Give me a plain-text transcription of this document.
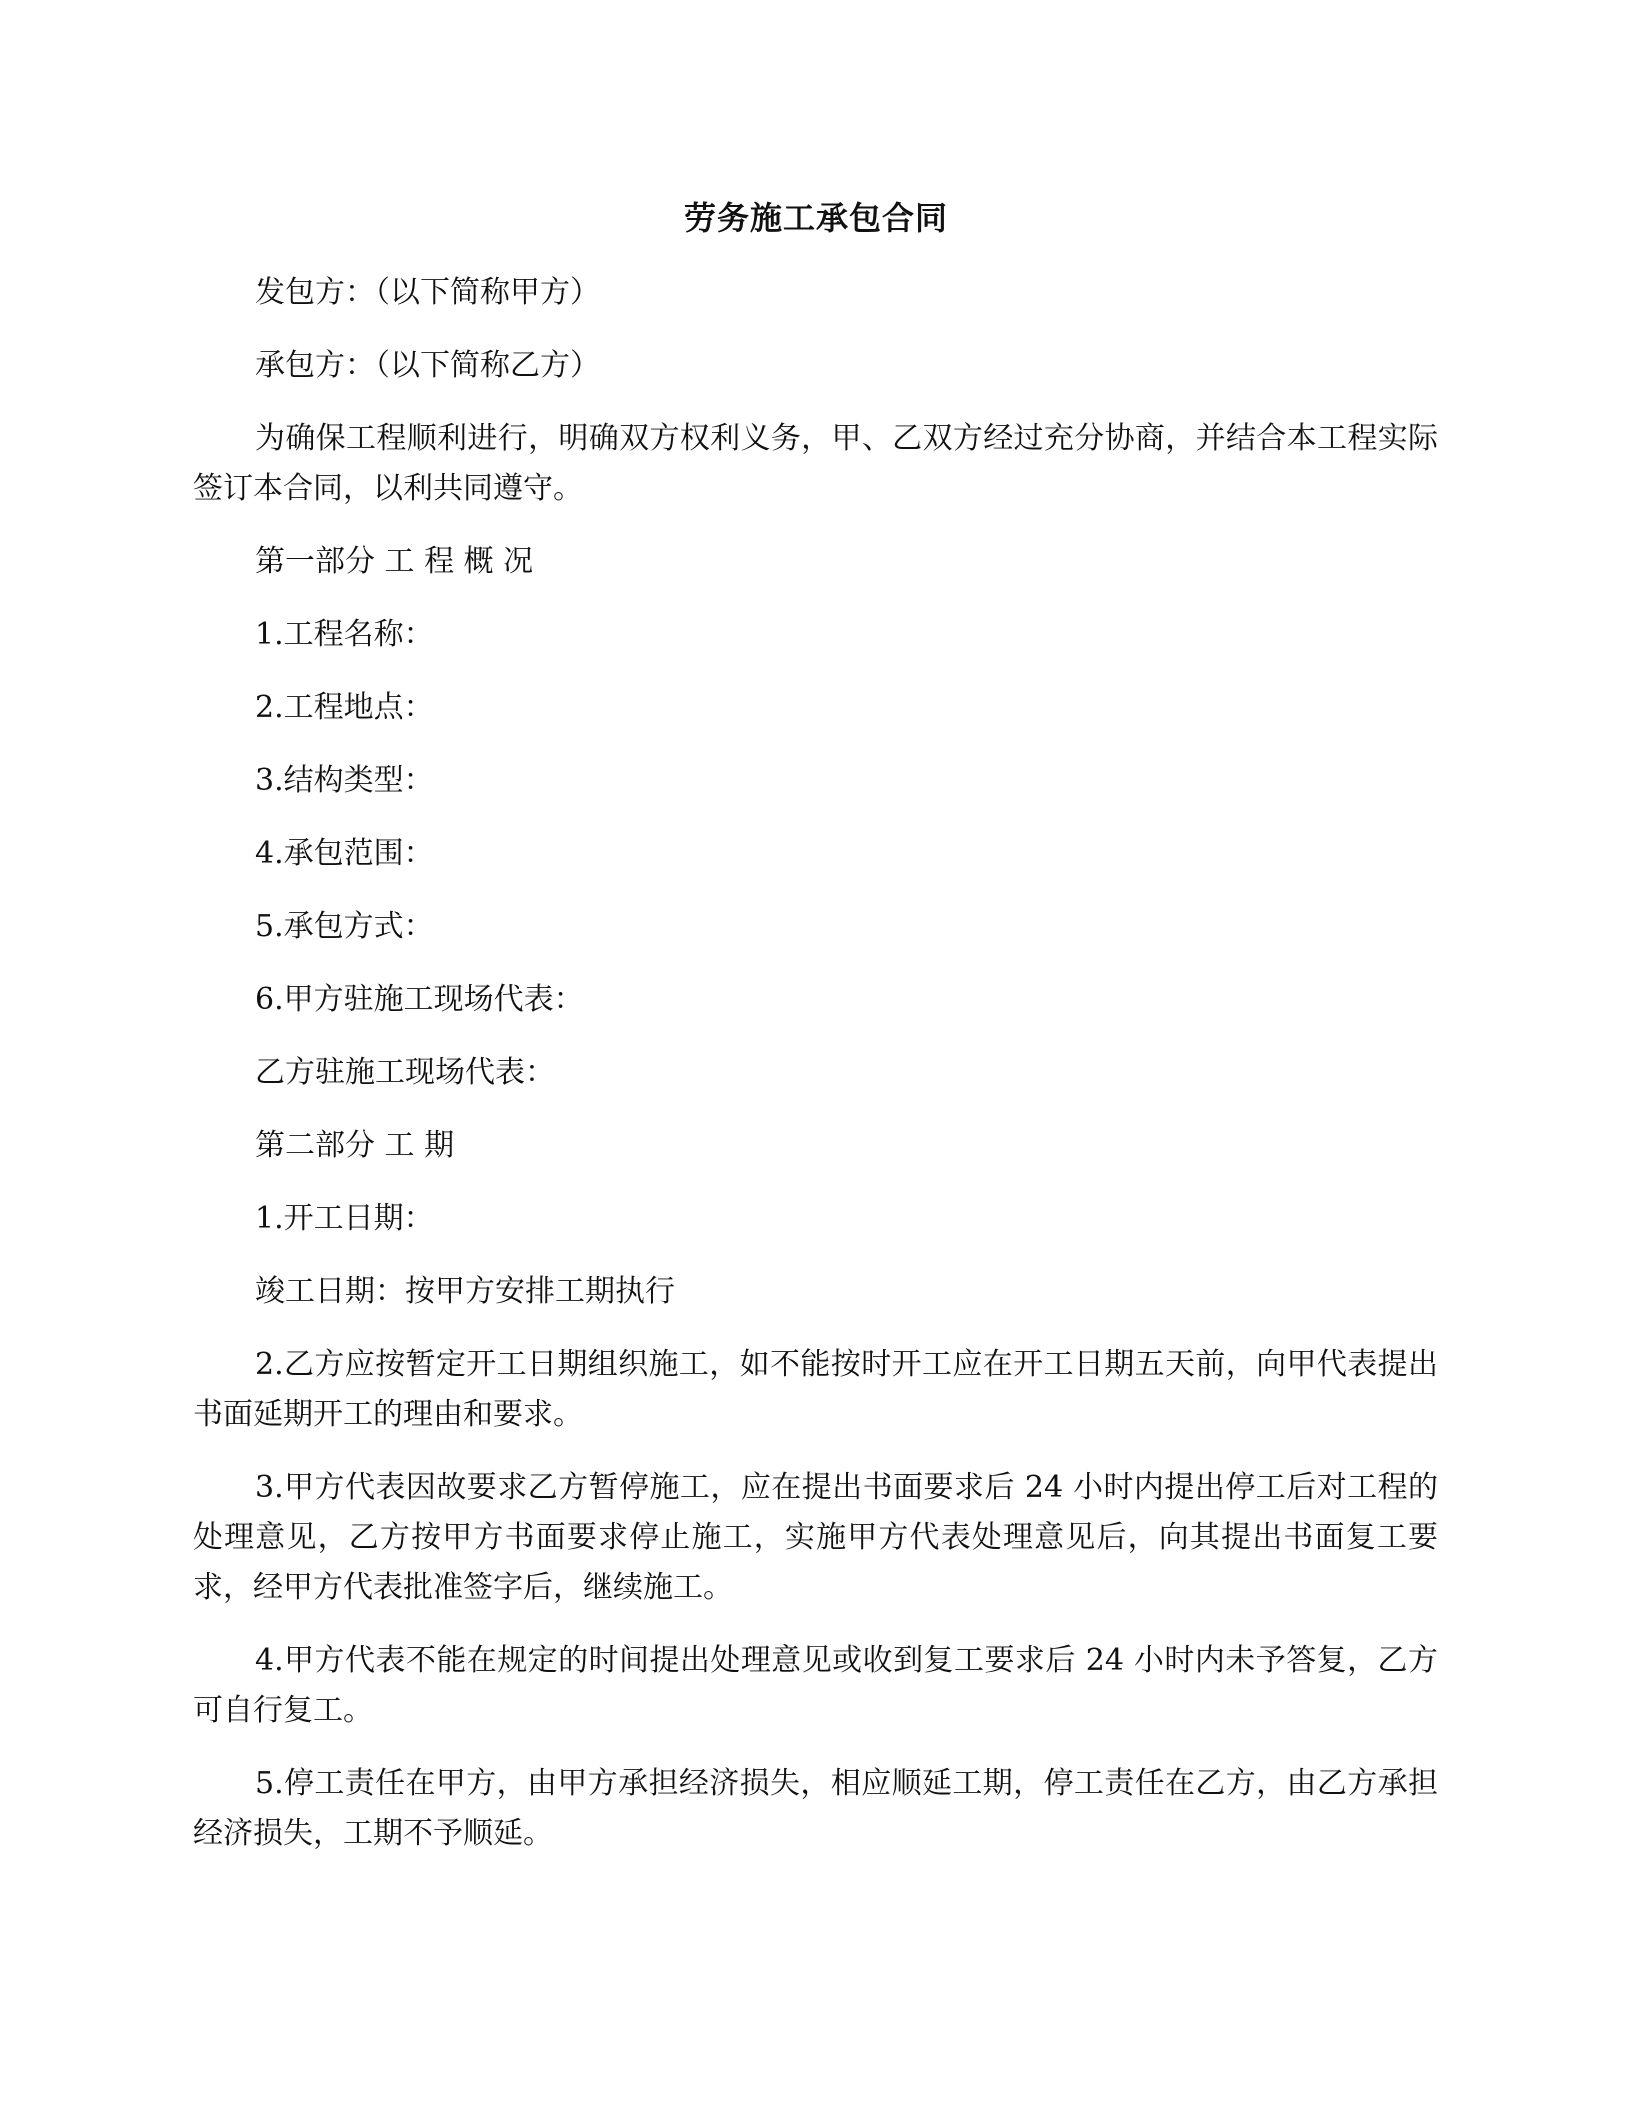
劳务施工承包合同

发包方：（以下简称甲方）

承包方：（以下简称乙方）

为确保工程顺利进行，明确双方权利义务，甲、乙双方经过充分协商，并结合本工程实际签订本合同，以利共同遵守。

第一部分 工 程 概 况

1.工程名称：

2.工程地点：

3.结构类型：

4.承包范围：

5.承包方式：

6.甲方驻施工现场代表：

乙方驻施工现场代表：

第二部分 工 期

1.开工日期：

竣工日期：按甲方安排工期执行

2.乙方应按暂定开工日期组织施工，如不能按时开工应在开工日期五天前，向甲代表提出书面延期开工的理由和要求。

3.甲方代表因故要求乙方暂停施工，应在提出书面要求后 24 小时内提出停工后对工程的处理意见，乙方按甲方书面要求停止施工，实施甲方代表处理意见后，向其提出书面复工要求，经甲方代表批准签字后，继续施工。

4.甲方代表不能在规定的时间提出处理意见或收到复工要求后 24 小时内未予答复，乙方可自行复工。

5.停工责任在甲方，由甲方承担经济损失，相应顺延工期，停工责任在乙方，由乙方承担经济损失，工期不予顺延。
